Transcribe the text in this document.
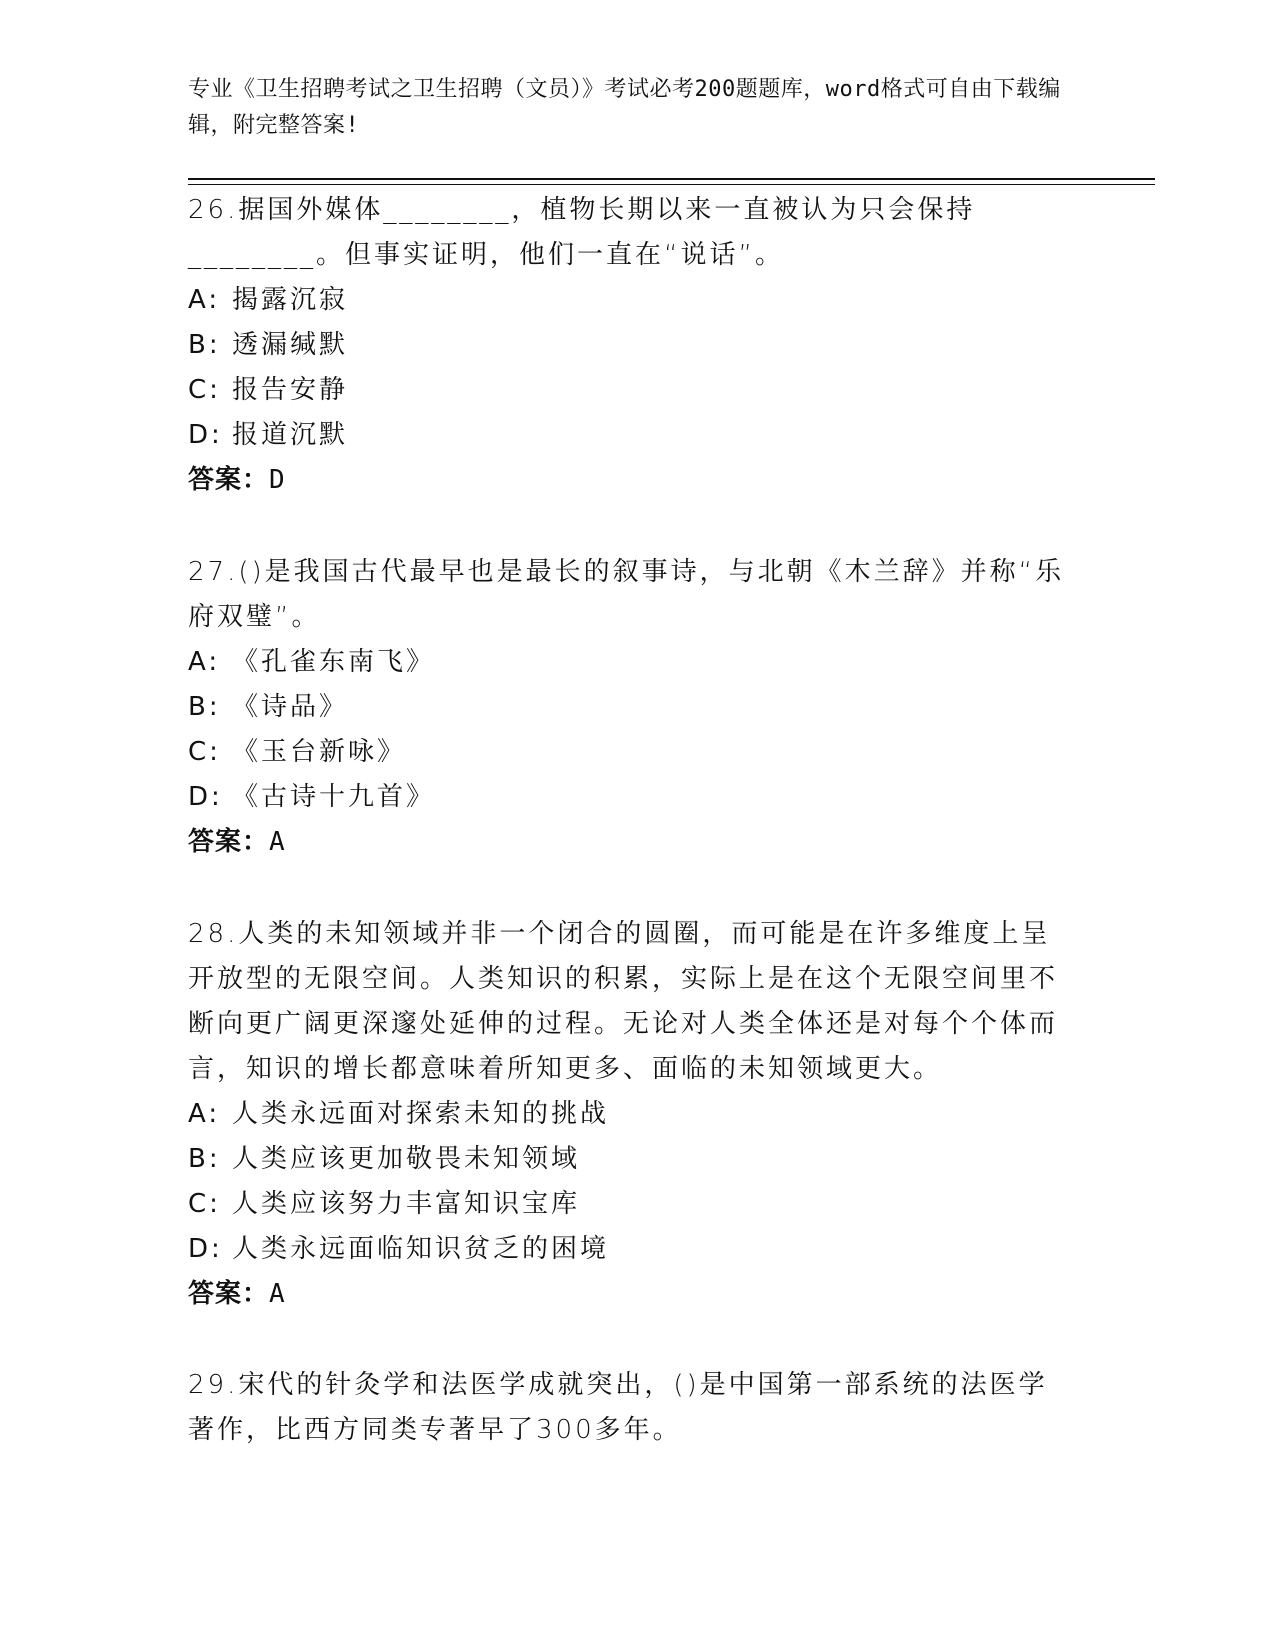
专业《卫生招聘考试之卫生招聘（文员）》考试必考200题题库，word格式可自由下载编辑，附完整答案!

26.据国外媒体________，植物长期以来一直被认为只会保持________。但事实证明，他们一直在“说话”。

A: 揭露沉寂
B: 透漏缄默
C: 报告安静
D: 报道沉默
答案：D

27.()是我国古代最早也是最长的叙事诗，与北朝《木兰辞》并称“乐府双璧”。

A: 《孔雀东南飞》
B: 《诗品》
C: 《玉台新咏》
D: 《古诗十九首》
答案：A

28.人类的未知领域并非一个闭合的圆圈，而可能是在许多维度上呈开放型的无限空间。人类知识的积累，实际上是在这个无限空间里不断向更广阔更深邃处延伸的过程。无论对人类全体还是对每个个体而言，知识的增长都意味着所知更多、面临的未知领域更大。

A: 人类永远面对探索未知的挑战
B: 人类应该更加敬畏未知领域
C: 人类应该努力丰富知识宝库
D: 人类永远面临知识贫乏的困境
答案：A

29.宋代的针灸学和法医学成就突出，()是中国第一部系统的法医学著作，比西方同类专著早了300多年。
